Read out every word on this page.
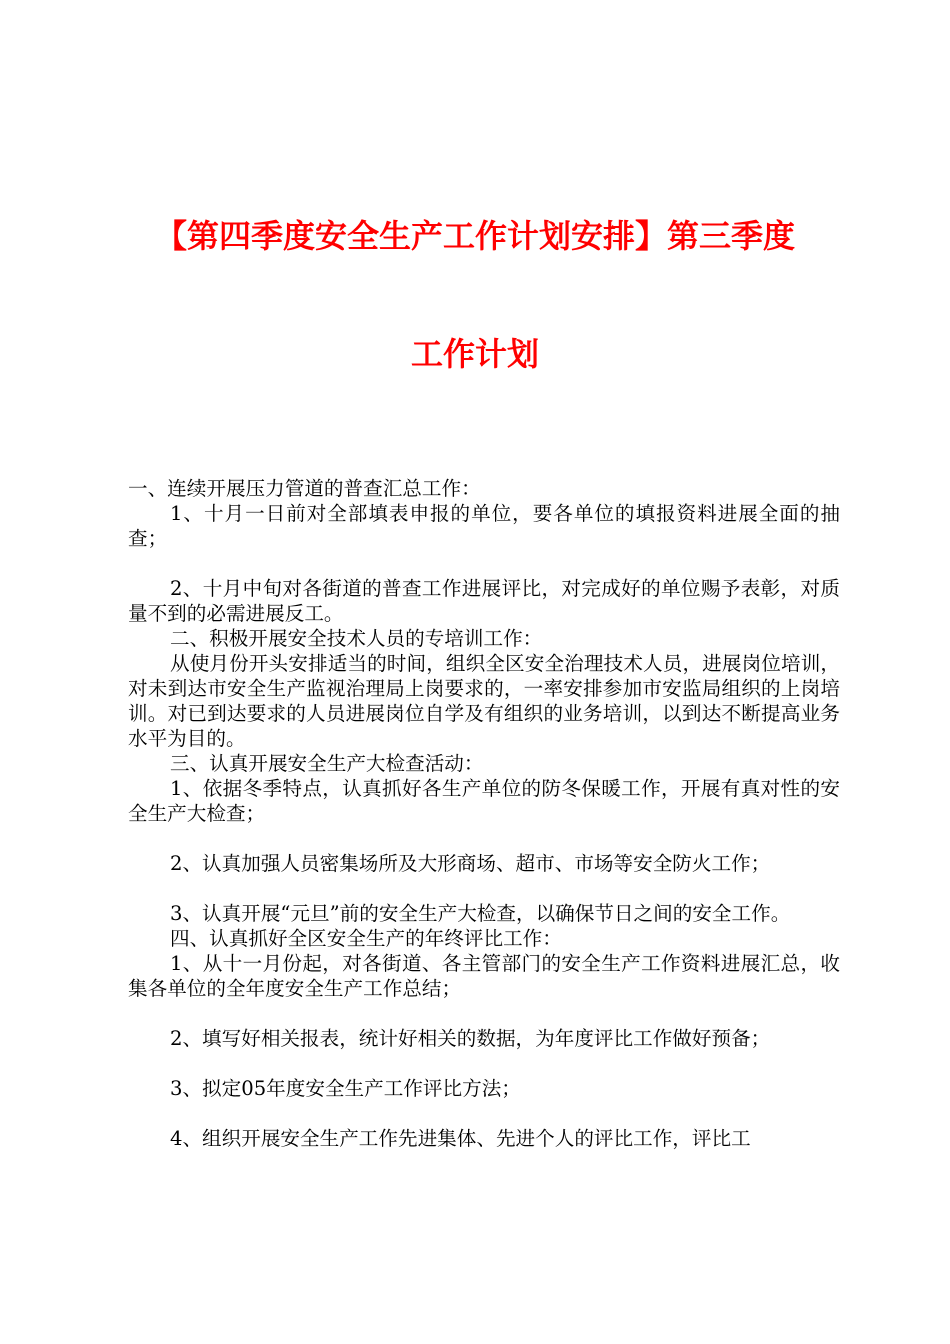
【第四季度安全生产工作计划安排】第三季度
工作计划

一、连续开展压力管道的普查汇总工作：

1、十月一日前对全部填表申报的单位，要各单位的填报资料进展全面的抽查；

2、十月中旬对各街道的普查工作进展评比，对完成好的单位赐予表彰，对质量不到的必需进展反工。

二、积极开展安全技术人员的专培训工作：

从使月份开头安排适当的时间，组织全区安全治理技术人员，进展岗位培训，对未到达市安全生产监视治理局上岗要求的，一率安排参加市安监局组织的上岗培训。对已到达要求的人员进展岗位自学及有组织的业务培训，以到达不断提高业务水平为目的。

三、认真开展安全生产大检查活动：

1、依据冬季特点，认真抓好各生产单位的防冬保暖工作，开展有真对性的安全生产大检查；

2、认真加强人员密集场所及大形商场、超市、市场等安全防火工作；

3、认真开展“元旦”前的安全生产大检查，以确保节日之间的安全工作。

四、认真抓好全区安全生产的年终评比工作：

1、从十一月份起，对各街道、各主管部门的安全生产工作资料进展汇总，收集各单位的全年度安全生产工作总结；

2、填写好相关报表，统计好相关的数据，为年度评比工作做好预备；

3、拟定05年度安全生产工作评比方法；

4、组织开展安全生产工作先进集体、先进个人的评比工作，评比工
